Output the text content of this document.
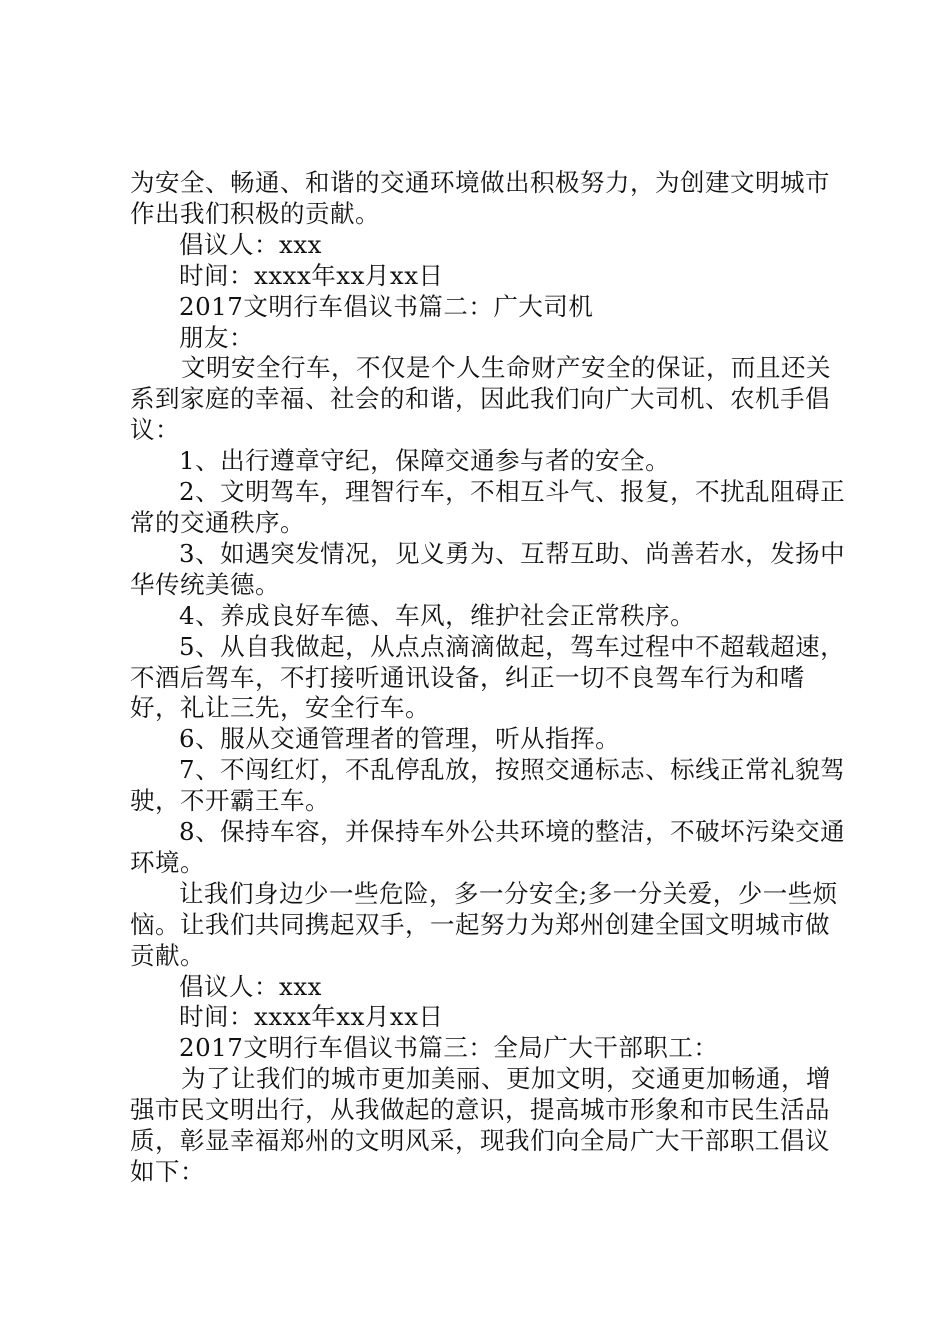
为安全、畅通、和谐的交通环境做出积极努力，为创建文明城市作出我们积极的贡献。

倡议人：xxx

时间：xxxx年xx月xx日

2017文明行车倡议书篇二：广大司机

朋友：

文明安全行车，不仅是个人生命财产安全的保证，而且还关系到家庭的幸福、社会的和谐，因此我们向广大司机、农机手倡议：

1、出行遵章守纪，保障交通参与者的安全。

2、文明驾车，理智行车，不相互斗气、报复，不扰乱阻碍正常的交通秩序。

3、如遇突发情况，见义勇为、互帮互助、尚善若水，发扬中华传统美德。

4、养成良好车德、车风，维护社会正常秩序。

5、从自我做起，从点点滴滴做起，驾车过程中不超载超速，不酒后驾车，不打接听通讯设备，纠正一切不良驾车行为和嗜好，礼让三先，安全行车。

6、服从交通管理者的管理，听从指挥。

7、不闯红灯，不乱停乱放，按照交通标志、标线正常礼貌驾驶，不开霸王车。

8、保持车容，并保持车外公共环境的整洁，不破坏污染交通环境。

让我们身边少一些危险，多一分安全;多一分关爱，少一些烦恼。让我们共同携起双手，一起努力为郑州创建全国文明城市做贡献。

倡议人：xxx

时间：xxxx年xx月xx日

2017文明行车倡议书篇三：全局广大干部职工：

为了让我们的城市更加美丽、更加文明，交通更加畅通，增强市民文明出行，从我做起的意识，提高城市形象和市民生活品质，彰显幸福郑州的文明风采，现我们向全局广大干部职工倡议如下：
